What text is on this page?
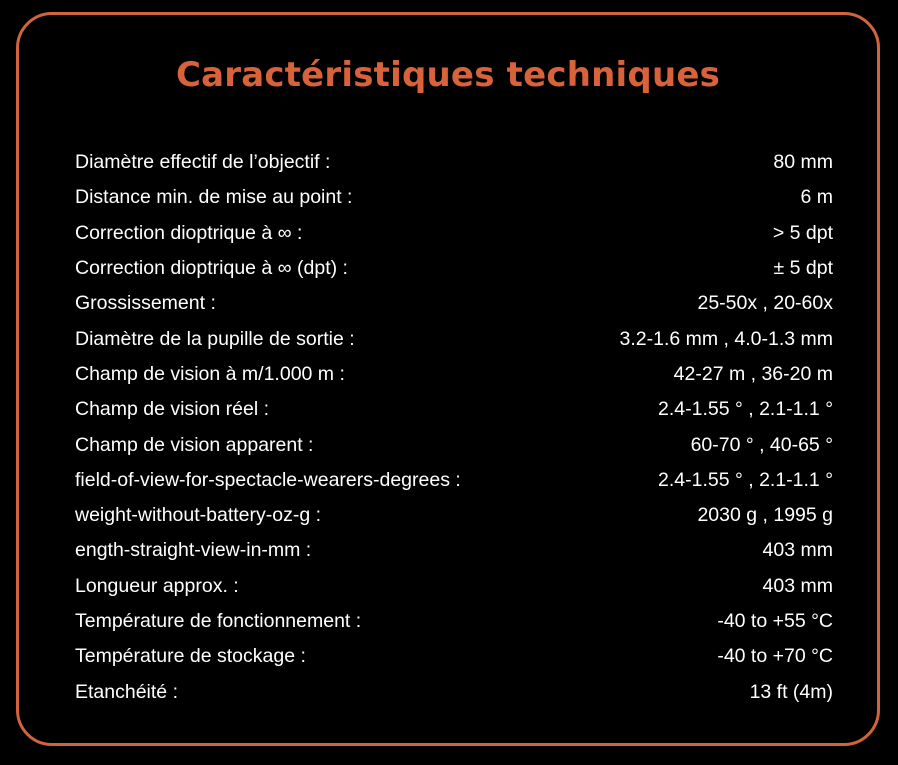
Caractéristiques techniques
Diamètre effectif de l’objectif :	80 mm
Distance min. de mise au point :	6 m
Correction dioptrique à ∞ :	> 5 dpt
Correction dioptrique à ∞ (dpt) :	± 5 dpt
Grossissement :	25-50x , 20-60x
Diamètre de la pupille de sortie :	3.2-1.6 mm , 4.0-1.3 mm
Champ de vision à m/1.000 m :	42-27 m , 36-20 m
Champ de vision réel :	2.4-1.55 ° , 2.1-1.1 °
Champ de vision apparent :	60-70 ° , 40-65 °
field-of-view-for-spectacle-wearers-degrees :	2.4-1.55 ° , 2.1-1.1 °
weight-without-battery-oz-g :	2030 g , 1995 g
ength-straight-view-in-mm :	403 mm
Longueur approx. :	403 mm
Température de fonctionnement :	-40 to +55 °C
Température de stockage :	-40 to +70 °C
Etanchéité :	13 ft (4m)
